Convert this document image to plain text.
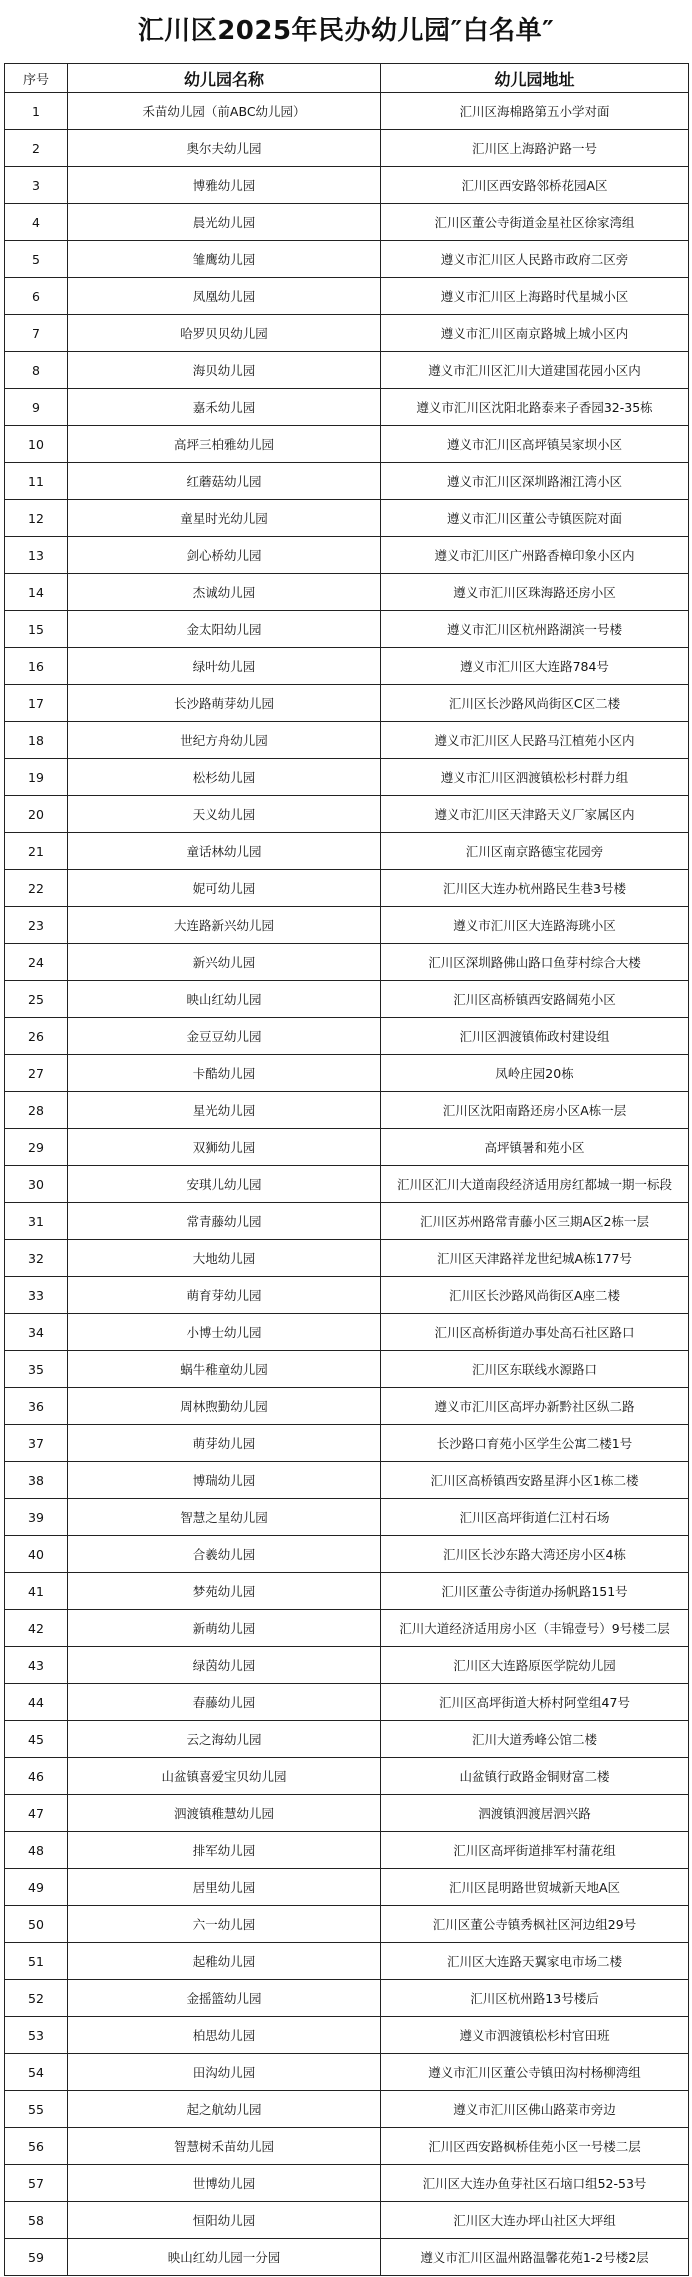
汇川区2025年民办幼儿园″白名单″
序号	幼儿园名称	幼儿园地址
1	禾苗幼儿园（前ABC幼儿园）	汇川区海棉路第五小学对面
2	奥尔夫幼儿园	汇川区上海路沪路一号
3	博雅幼儿园	汇川区西安路邻桥花园A区
4	晨光幼儿园	汇川区董公寺街道金星社区徐家湾组
5	雏鹰幼儿园	遵义市汇川区人民路市政府二区旁
6	凤凰幼儿园	遵义市汇川区上海路时代星城小区
7	哈罗贝贝幼儿园	遵义市汇川区南京路城上城小区内
8	海贝幼儿园	遵义市汇川区汇川大道建国花园小区内
9	嘉禾幼儿园	遵义市汇川区沈阳北路泰来子香园32-35栋
10	高坪三柏雅幼儿园	遵义市汇川区高坪镇吴家坝小区
11	红蘑菇幼儿园	遵义市汇川区深圳路湘江湾小区
12	童星时光幼儿园	遵义市汇川区董公寺镇医院对面
13	剑心桥幼儿园	遵义市汇川区广州路香樟印象小区内
14	杰诚幼儿园	遵义市汇川区珠海路还房小区
15	金太阳幼儿园	遵义市汇川区杭州路湖滨一号楼
16	绿叶幼儿园	遵义市汇川区大连路784号
17	长沙路萌芽幼儿园	汇川区长沙路风尚街区C区二楼
18	世纪方舟幼儿园	遵义市汇川区人民路马江植苑小区内
19	松杉幼儿园	遵义市汇川区泗渡镇松杉村群力组
20	天义幼儿园	遵义市汇川区天津路天义厂家属区内
21	童话林幼儿园	汇川区南京路德宝花园旁
22	妮可幼儿园	汇川区大连办杭州路民生巷3号楼
23	大连路新兴幼儿园	遵义市汇川区大连路海珧小区
24	新兴幼儿园	汇川区深圳路佛山路口鱼芽村综合大楼
25	映山红幼儿园	汇川区高桥镇西安路阔苑小区
26	金豆豆幼儿园	汇川区泗渡镇佈政村建设组
27	卡酷幼儿园	凤岭庄园20栋
28	星光幼儿园	汇川区沈阳南路还房小区A栋一层
29	双狮幼儿园	高坪镇暑和苑小区
30	安琪儿幼儿园	汇川区汇川大道南段经济适用房红都城一期一标段
31	常青藤幼儿园	汇川区苏州路常青藤小区三期A区2栋一层
32	大地幼儿园	汇川区天津路祥龙世纪城A栋177号
33	萌育芽幼儿园	汇川区长沙路风尚街区A座二楼
34	小博士幼儿园	汇川区高桥街道办事处高石社区路口
35	蜗牛稚童幼儿园	汇川区东联线水源路口
36	周林煦勤幼儿园	遵义市汇川区高坪办新黔社区纵二路
37	萌芽幼儿园	长沙路口育苑小区学生公寓二楼1号
38	博瑞幼儿园	汇川区高桥镇西安路星湃小区1栋二楼
39	智慧之星幼儿园	汇川区高坪街道仁江村石场
40	合羲幼儿园	汇川区长沙东路大湾还房小区4栋
41	梦苑幼儿园	汇川区董公寺街道办扬帆路151号
42	新萌幼儿园	汇川大道经济适用房小区（丰锦壹号）9号楼二层
43	绿茵幼儿园	汇川区大连路原医学院幼儿园
44	春藤幼儿园	汇川区高坪街道大桥村阿堂组47号
45	云之海幼儿园	汇川大道秀峰公馆二楼
46	山盆镇喜爱宝贝幼儿园	山盆镇行政路金铜财富二楼
47	泗渡镇稚慧幼儿园	泗渡镇泗渡居泗兴路
48	排军幼儿园	汇川区高坪街道排军村蒲花组
49	居里幼儿园	汇川区昆明路世贸城新天地A区
50	六一幼儿园	汇川区董公寺镇秀枫社区河边组29号
51	起稚幼儿园	汇川区大连路天翼家电市场二楼
52	金摇篮幼儿园	汇川区杭州路13号楼后
53	柏思幼儿园	遵义市泗渡镇松杉村官田班
54	田沟幼儿园	遵义市汇川区董公寺镇田沟村杨柳湾组
55	起之航幼儿园	遵义市汇川区佛山路菜市旁边
56	智慧树禾苗幼儿园	汇川区西安路枫桥佳苑小区一号楼二层
57	世博幼儿园	汇川区大连办鱼芽社区石垴口组52-53号
58	恒阳幼儿园	汇川区大连办坪山社区大坪组
59	映山红幼儿园一分园	遵义市汇川区温州路温馨花苑1-2号楼2层
